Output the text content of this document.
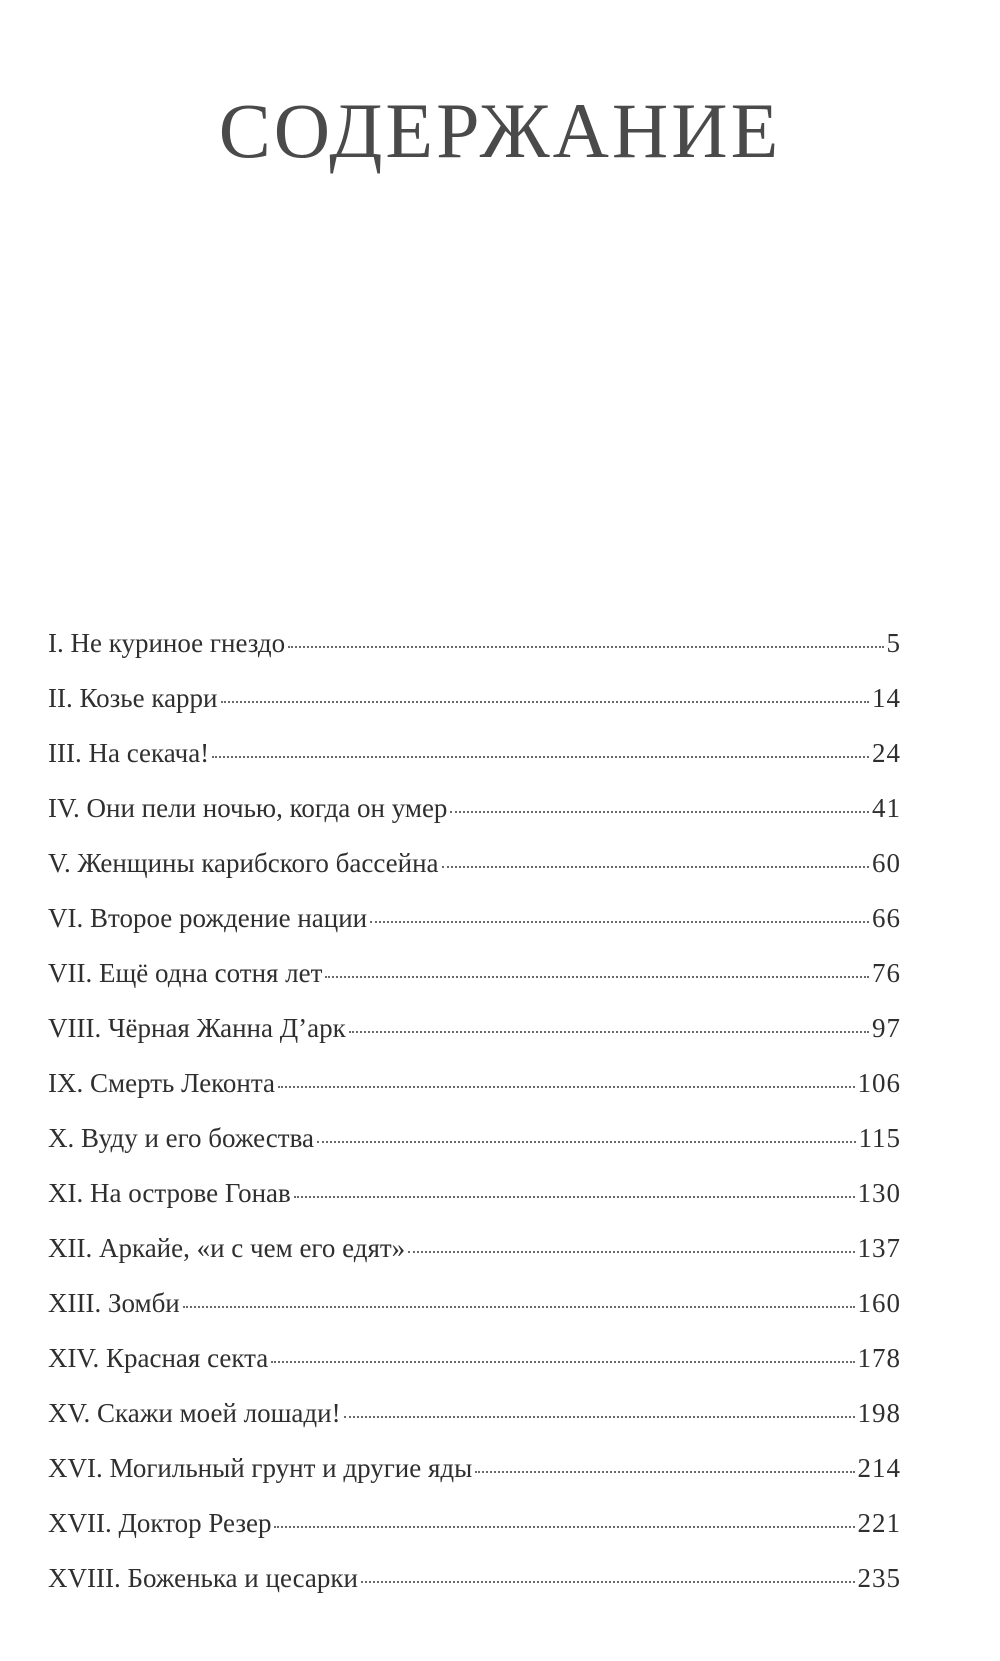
СОДЕРЖАНИЕ
I. Не куриное гнездо	5
II. Козье карри	14
III. На секача!	24
IV. Они пели ночью, когда он умер	41
V. Женщины карибского бассейна	60
VI. Второе рождение нации	66
VII. Ещё одна сотня лет	76
VIII. Чёрная Жанна Д’арк	97
IX. Смерть Леконта	106
X. Вуду и его божества	115
XI. На острове Гонав	130
XII. Аркайе, «и с чем его едят»	137
XIII. Зомби	160
XIV. Красная секта	178
XV. Скажи моей лошади!	198
XVI. Могильный грунт и другие яды	214
XVII. Доктор Резер	221
XVIII. Боженька и цесарки	235
